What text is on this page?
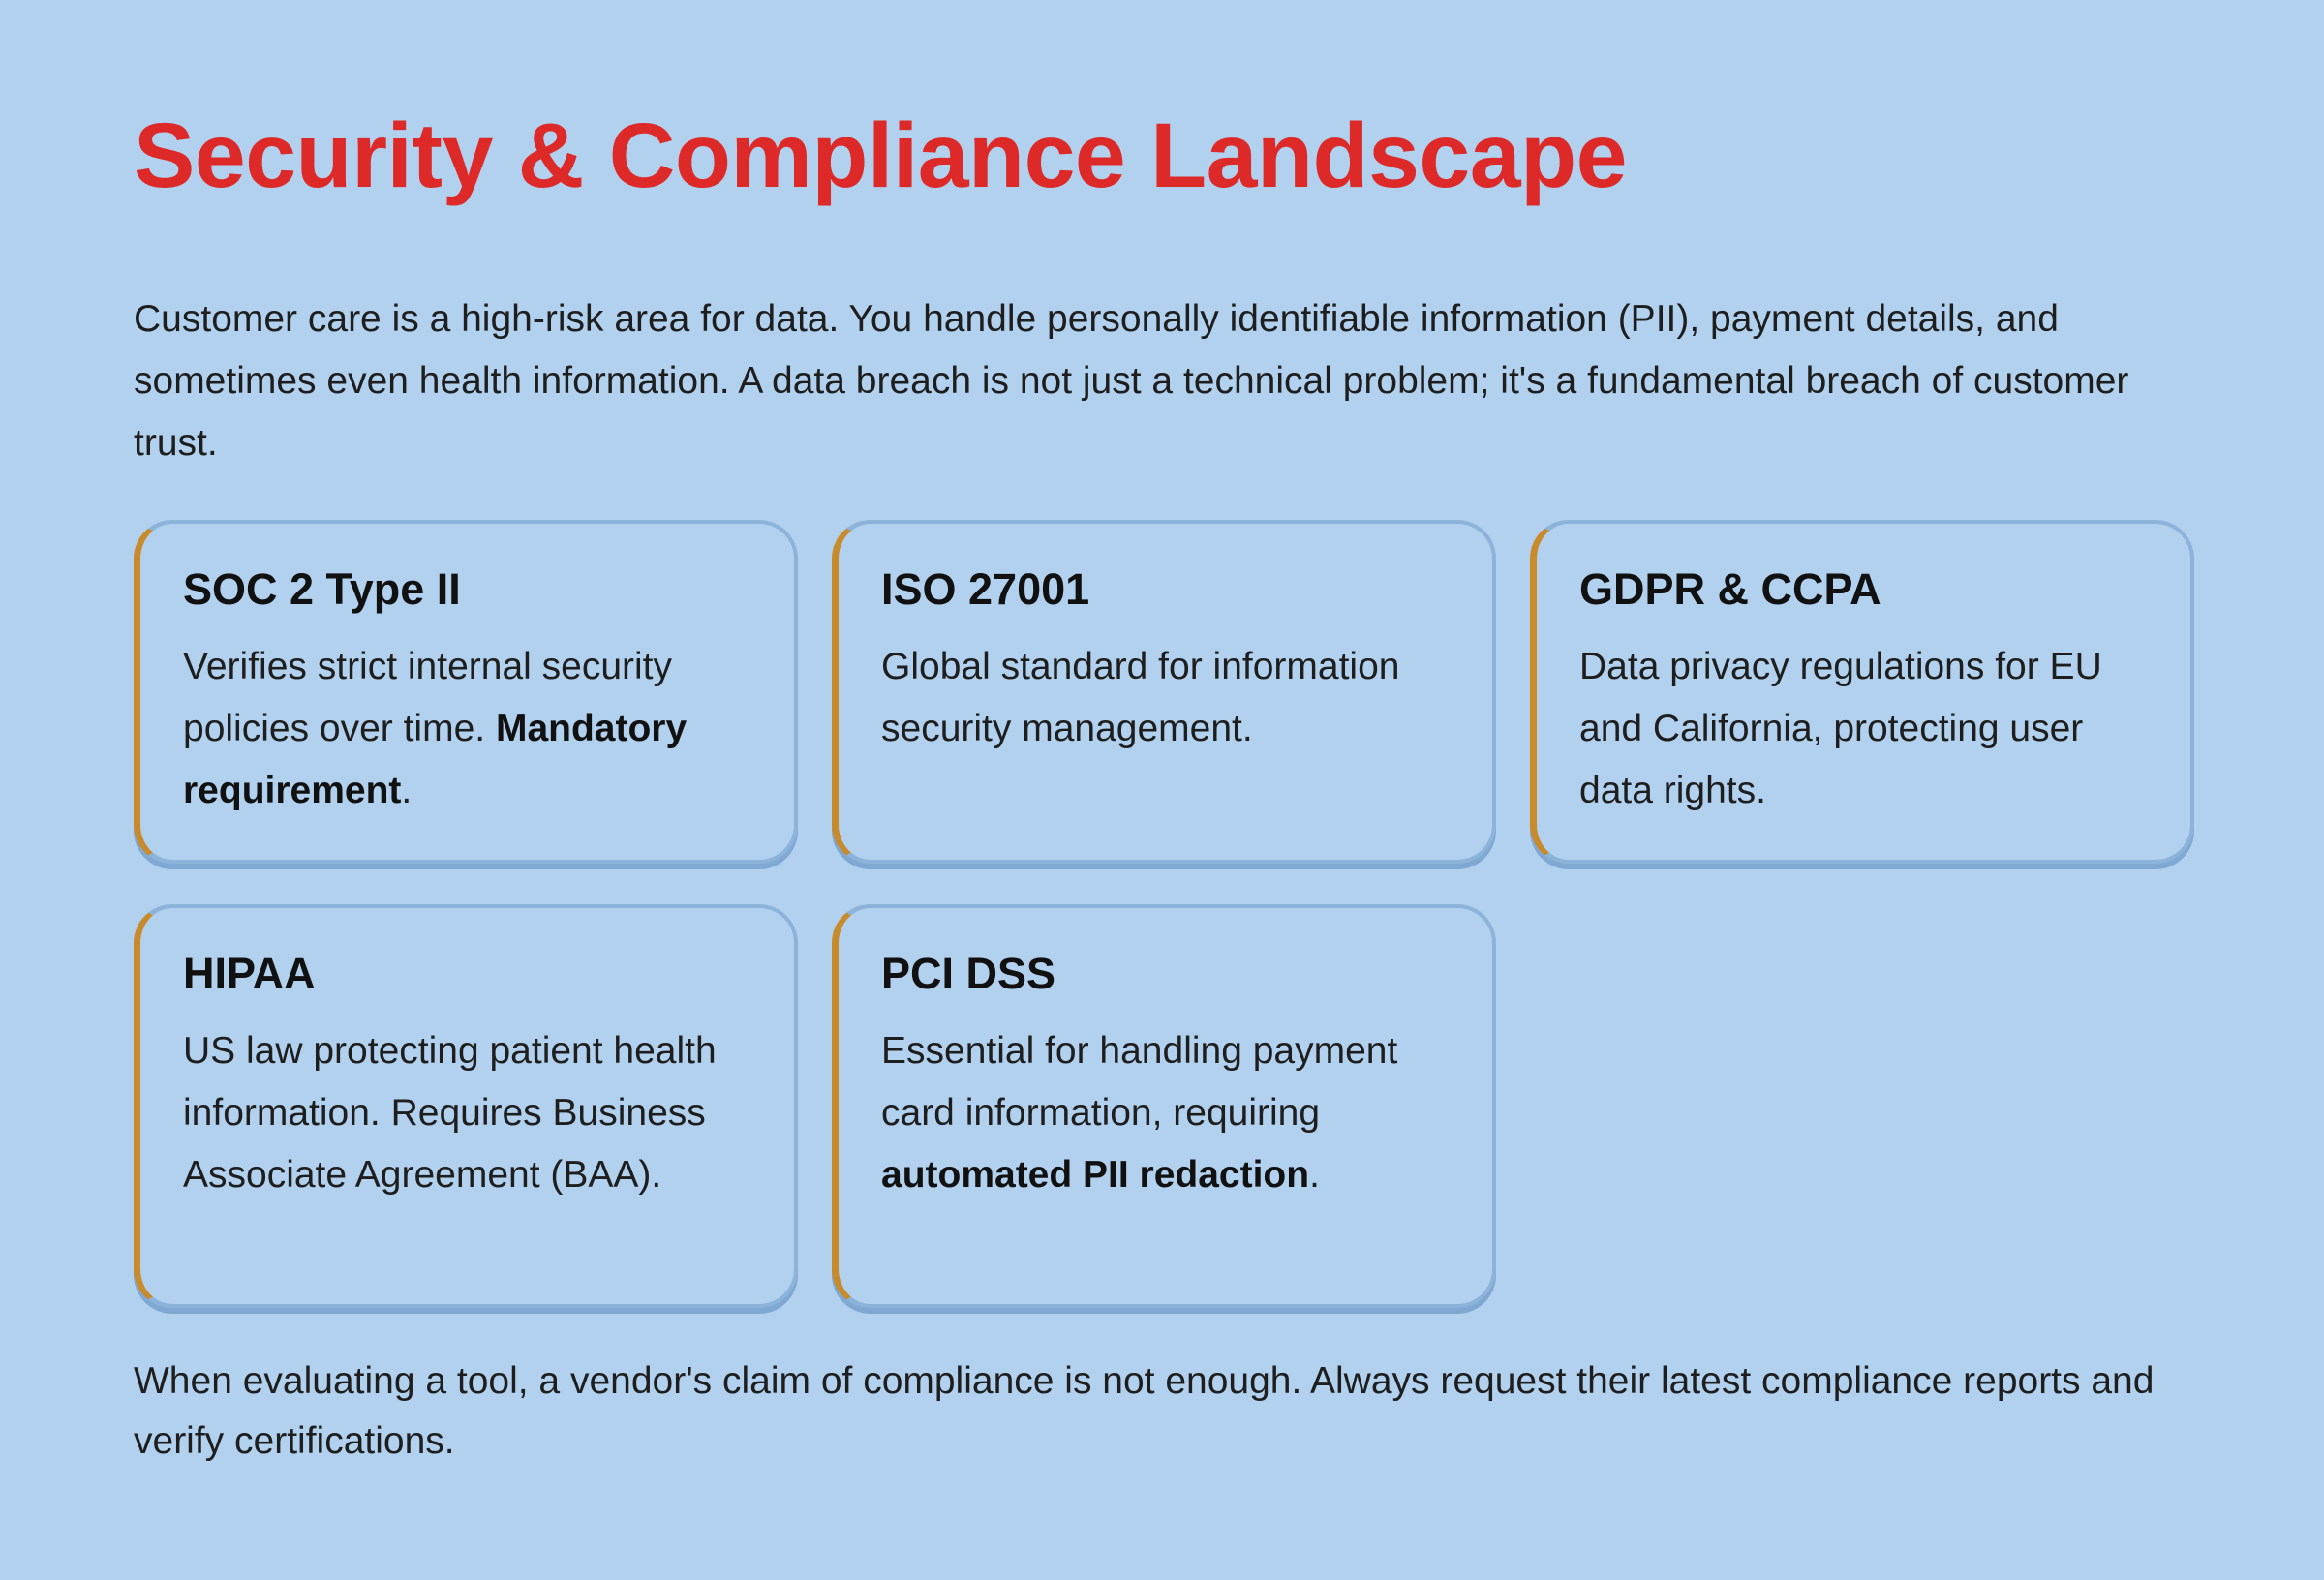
Security & Compliance Landscape

Customer care is a high-risk area for data. You handle personally identifiable information (PII), payment details, and sometimes even health information. A data breach is not just a technical problem; it's a fundamental breach of customer trust.

SOC 2 Type II

Verifies strict internal security policies over time. Mandatory requirement.

ISO 27001

Global standard for information security management.

GDPR & CCPA

Data privacy regulations for EU and California, protecting user data rights.

HIPAA

US law protecting patient health information. Requires Business Associate Agreement (BAA).

PCI DSS

Essential for handling payment card information, requiring automated PII redaction.

When evaluating a tool, a vendor's claim of compliance is not enough. Always request their latest compliance reports and verify certifications.
